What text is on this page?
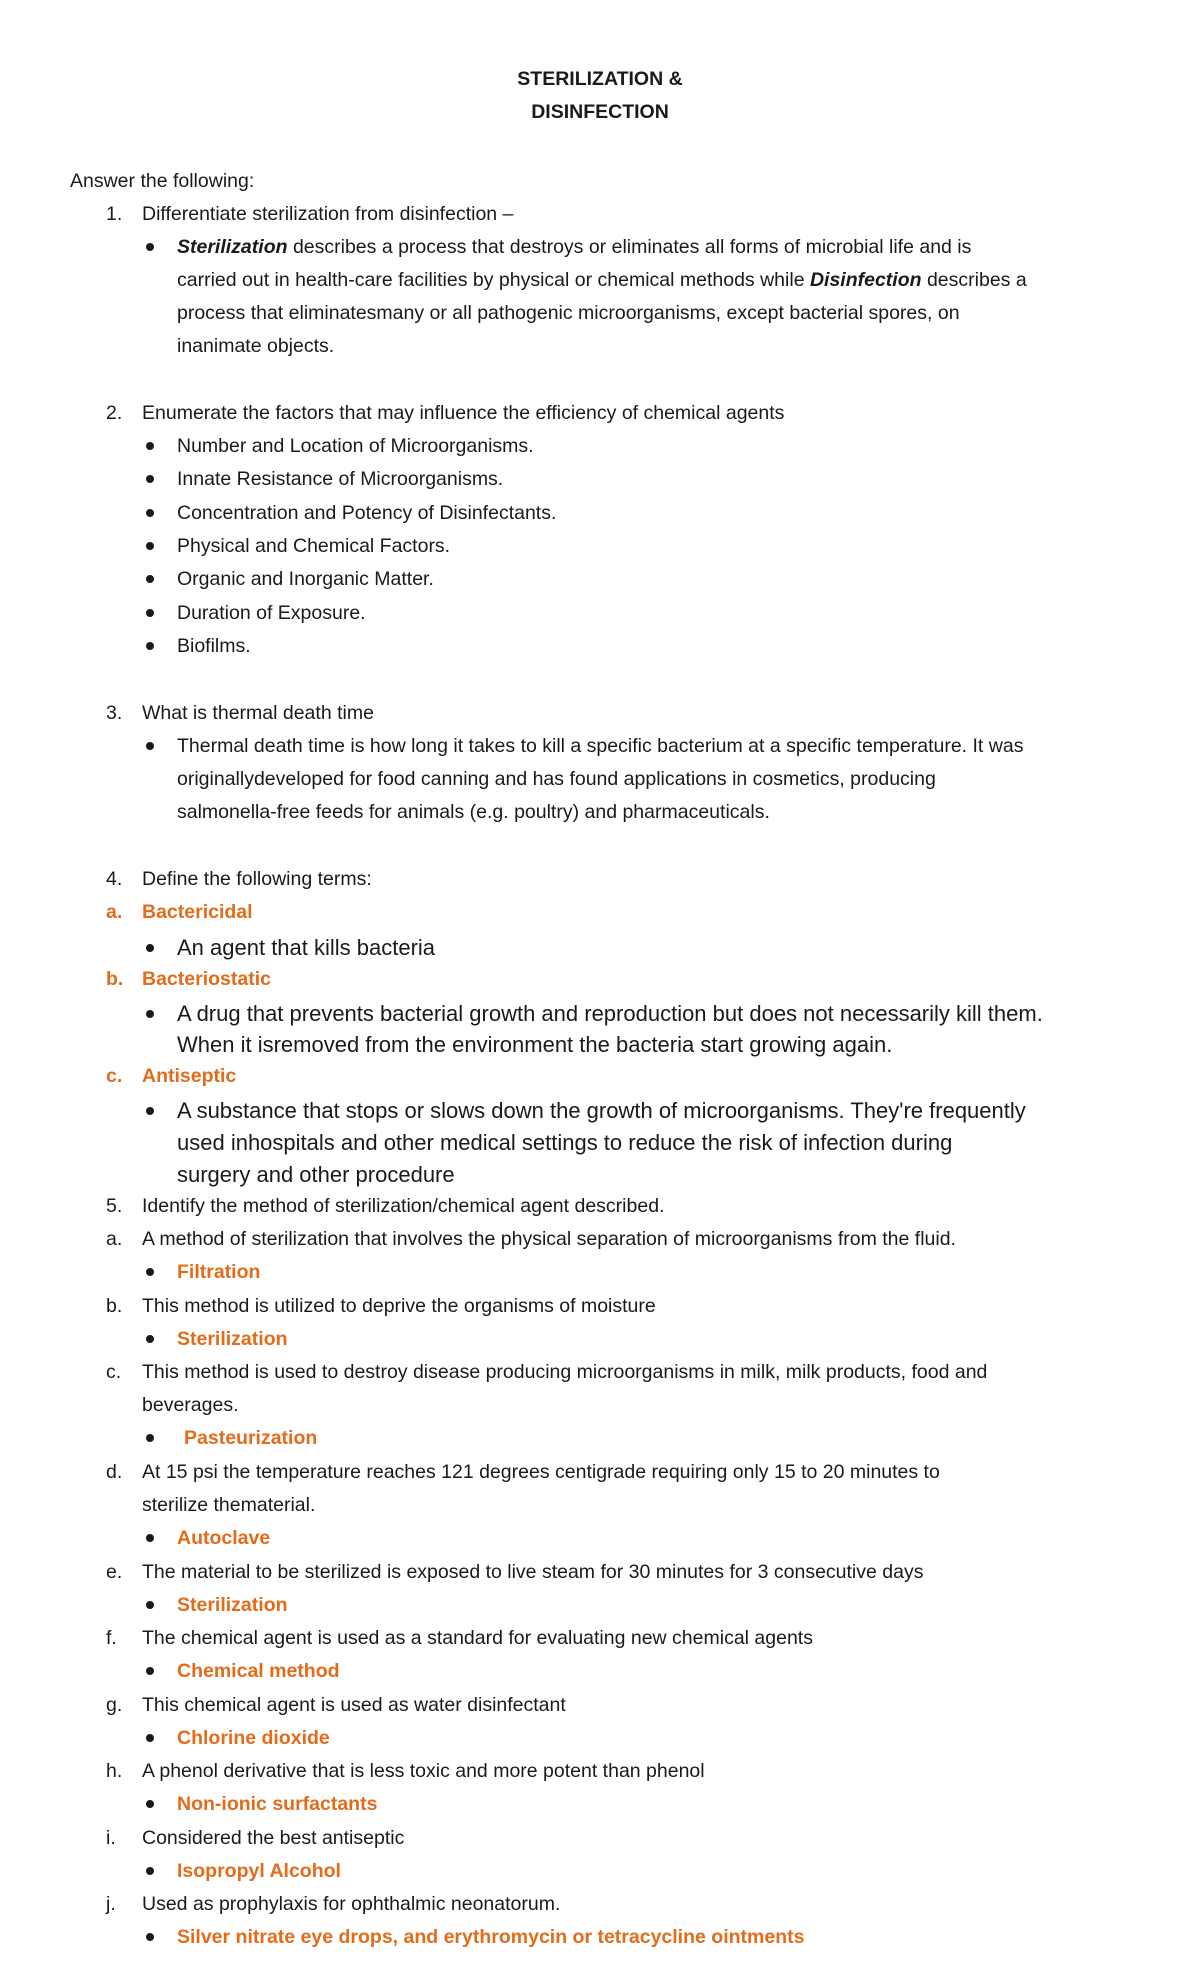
STERILIZATION &
DISINFECTION
Answer the following:
1. Differentiate sterilization from disinfection –
Sterilization describes a process that destroys or eliminates all forms of microbial life and is
carried out in health-care facilities by physical or chemical methods while Disinfection describes a
process that eliminatesmany or all pathogenic microorganisms, except bacterial spores, on
inanimate objects.
2. Enumerate the factors that may influence the efficiency of chemical agents
Number and Location of Microorganisms.
Innate Resistance of Microorganisms.
Concentration and Potency of Disinfectants.
Physical and Chemical Factors.
Organic and Inorganic Matter.
Duration of Exposure.
Biofilms.
3. What is thermal death time
Thermal death time is how long it takes to kill a specific bacterium at a specific temperature. It was
originallydeveloped for food canning and has found applications in cosmetics, producing
salmonella-free feeds for animals (e.g. poultry) and pharmaceuticals.
4. Define the following terms:
a. Bactericidal
An agent that kills bacteria
b. Bacteriostatic
A drug that prevents bacterial growth and reproduction but does not necessarily kill them.
When it isremoved from the environment the bacteria start growing again.
c. Antiseptic
A substance that stops or slows down the growth of microorganisms. They're frequently
used inhospitals and other medical settings to reduce the risk of infection during
surgery and other procedure
5. Identify the method of sterilization/chemical agent described.
a. A method of sterilization that involves the physical separation of microorganisms from the fluid.
Filtration
b. This method is utilized to deprive the organisms of moisture
Sterilization
c. This method is used to destroy disease producing microorganisms in milk, milk products, food and
beverages.
Pasteurization
d. At 15 psi the temperature reaches 121 degrees centigrade requiring only 15 to 20 minutes to
sterilize thematerial.
Autoclave
e. The material to be sterilized is exposed to live steam for 30 minutes for 3 consecutive days
Sterilization
f. The chemical agent is used as a standard for evaluating new chemical agents
Chemical method
g. This chemical agent is used as water disinfectant
Chlorine dioxide
h. A phenol derivative that is less toxic and more potent than phenol
Non-ionic surfactants
i. Considered the best antiseptic
Isopropyl Alcohol
j. Used as prophylaxis for ophthalmic neonatorum.
Silver nitrate eye drops, and erythromycin or tetracycline ointments
